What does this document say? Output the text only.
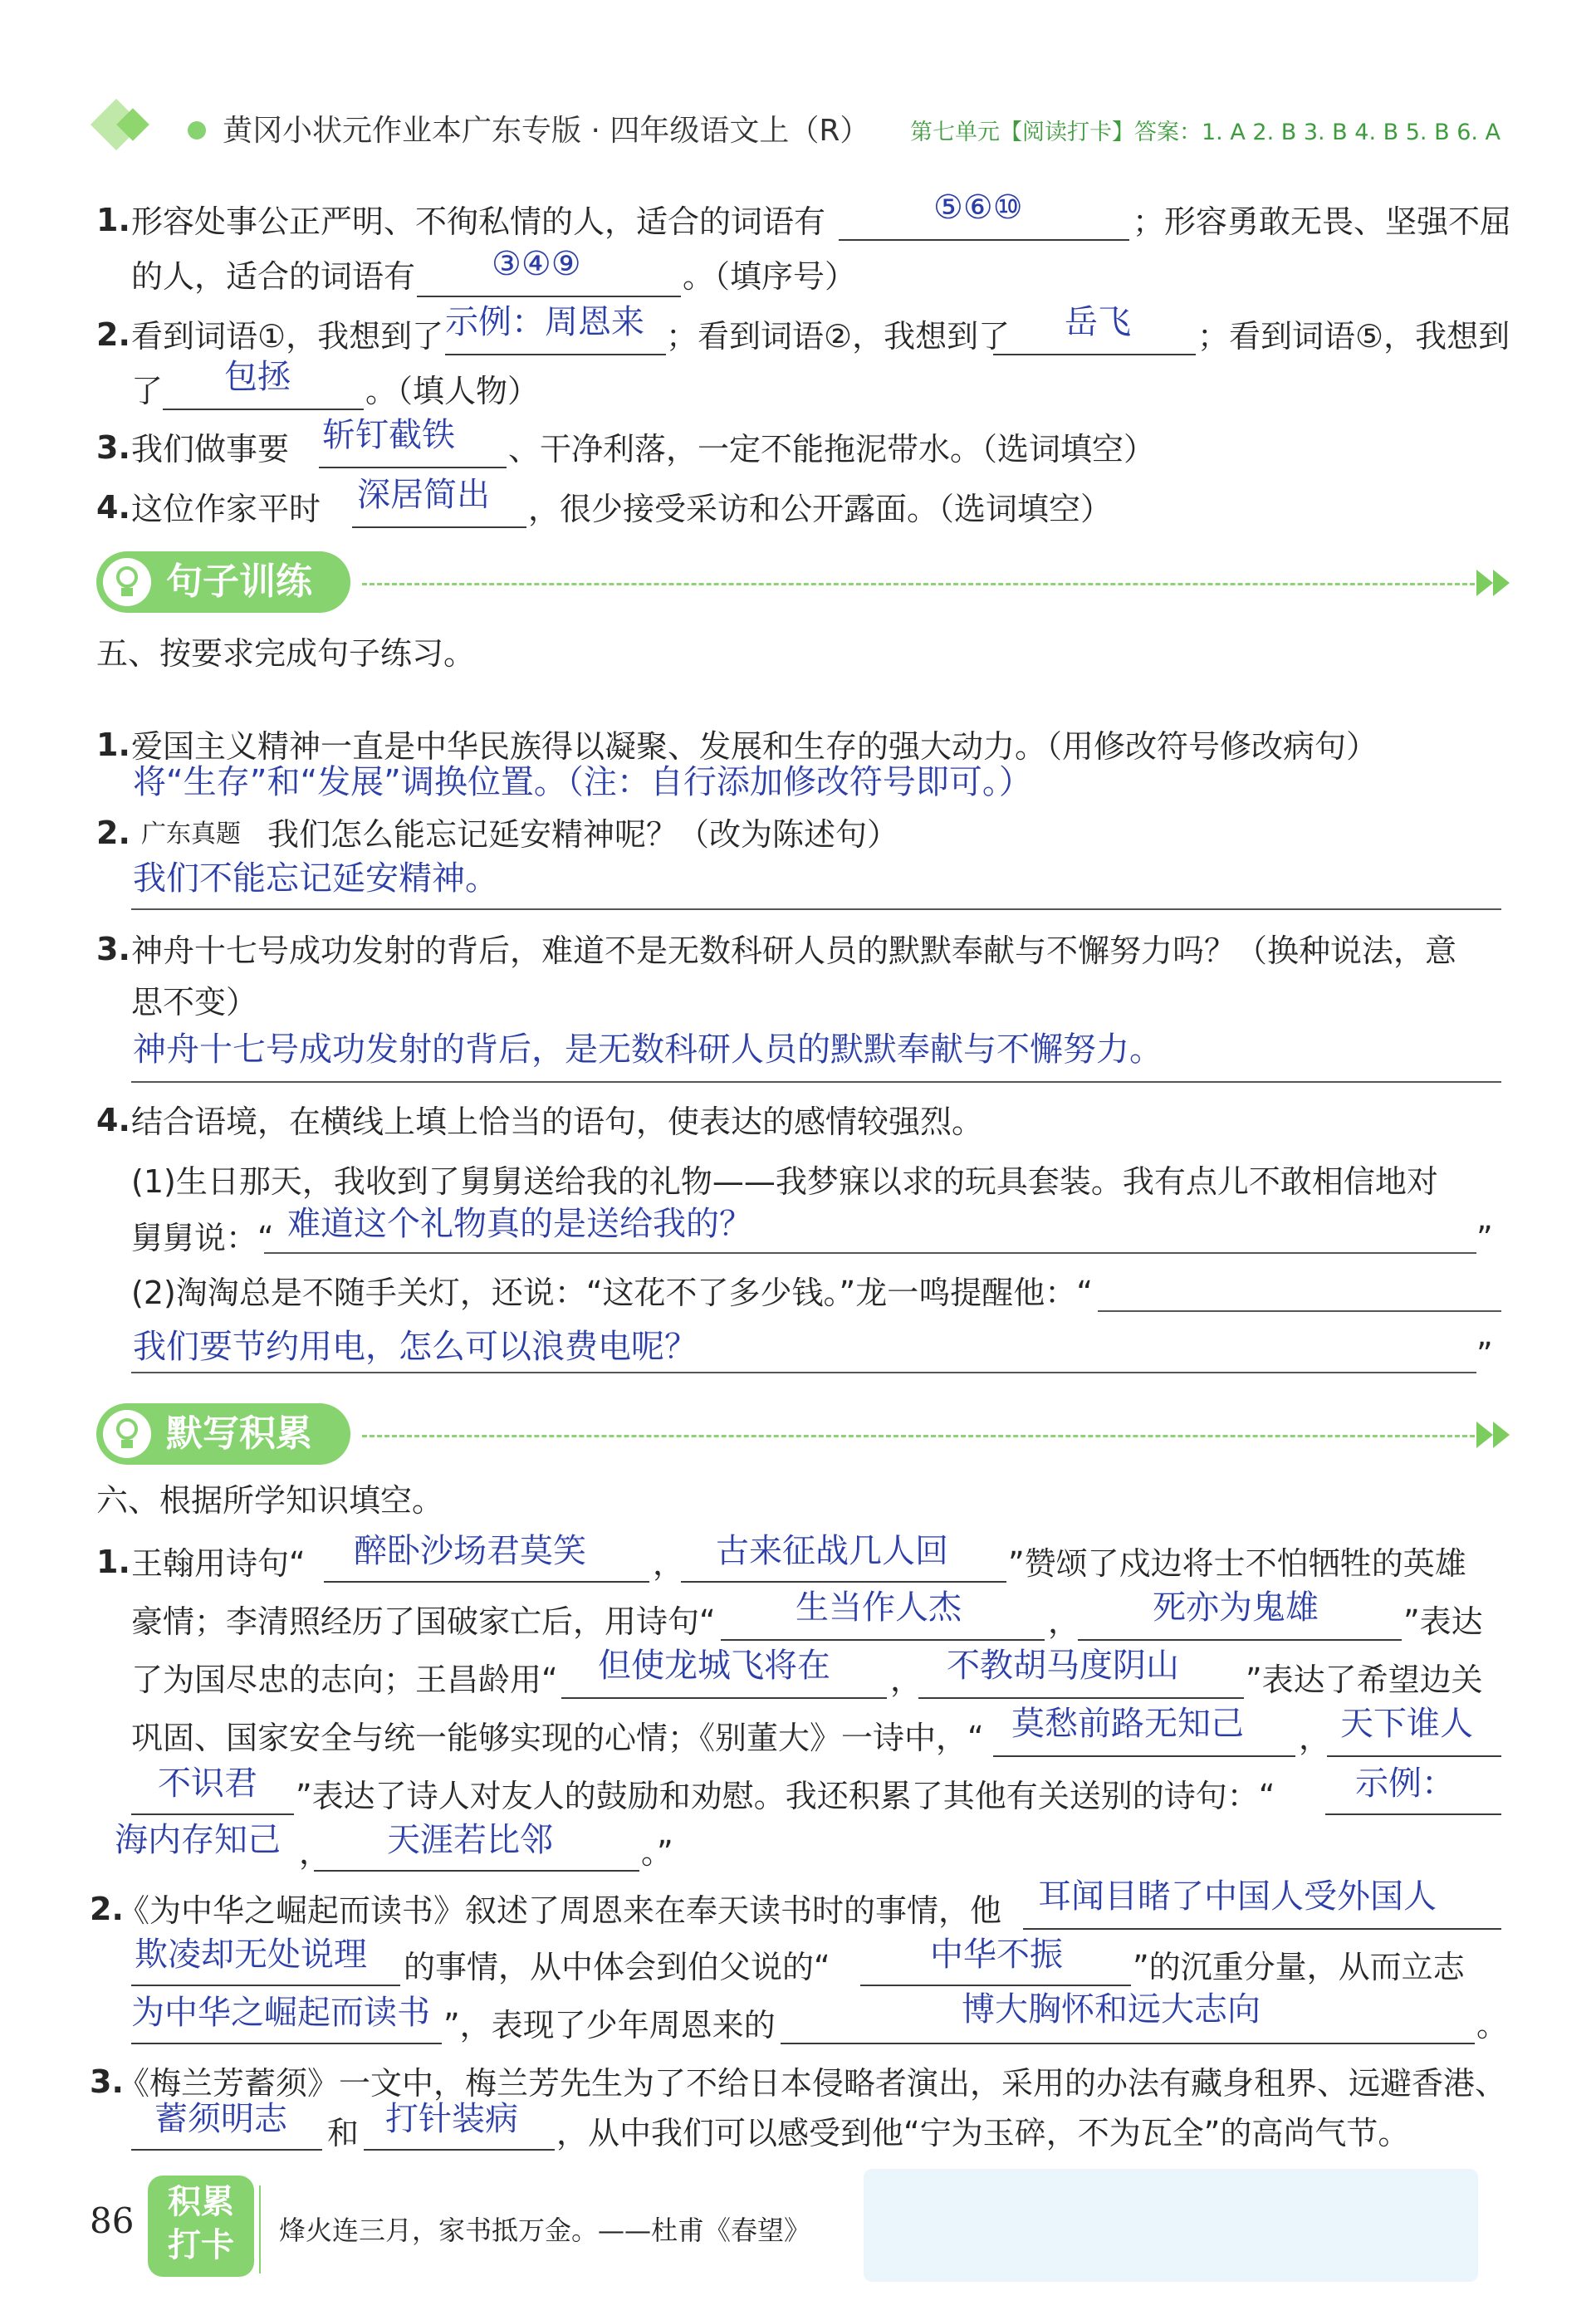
黄冈小状元作业本广东专版 · 四年级语文上（R） 第七单元【阅读打卡】答案：1. A 2. B 3. B 4. B 5. B 6. A
1. 形容处事公正严明、不徇私情的人，适合的词语有	⑤⑥⑩	；形容勇敢无畏、坚强不屈
的人，适合的词语有 ③④⑨	。（填序号）
2. 看到词语①，我想到了 示例：周恩来 ；看到词语②，我想到了 岳飞 ；看到词语⑤，我想到
了 包拯 。（填人物）
3. 我们做事要 斩钉截铁 、干净利落，一定不能拖泥带水。（选词填空）
4. 这位作家平时 深居简出 ，很少接受采访和公开露面。（选词填空）
句子训练
五、按要求完成句子练习。
1. 爱国主义精神一直是中华民族得以凝聚、发展和生存的强大动力。（用修改符号修改病句）
将“生存”和“发展”调换位置。（注：自行添加修改符号即可。）
2. 广东真题 我们怎么能忘记延安精神呢？（改为陈述句）
我们不能忘记延安精神。
3. 神舟十七号成功发射的背后，难道不是无数科研人员的默默奉献与不懈努力吗？（换种说法，意
思不变）
神舟十七号成功发射的背后，是无数科研人员的默默奉献与不懈努力。
4. 结合语境，在横线上填上恰当的语句，使表达的感情较强烈。
(1)生日那天，我收到了舅舅送给我的礼物——我梦寐以求的玩具套装。我有点儿不敢相信地对
舅舅说：“ 难道这个礼物真的是送给我的？	”
(2)淘淘总是不随手关灯，还说：“这花不了多少钱。”龙一鸣提醒他：“
我们要节约用电，怎么可以浪费电呢？	”
默写积累
六、根据所学知识填空。
1. 王翰用诗句“ 醉卧沙场君莫笑 ， 古来征战几人回 ”赞颂了戍边将士不怕牺牲的英雄
豪情；李清照经历了国破家亡后，用诗句“ 生当作人杰	， 死亦为鬼雄	”表达
了为国尽忠的志向；王昌龄用“ 但使龙城飞将在 ， 不教胡马度阴山 ”表达了希望边关
巩固、国家安全与统一能够实现的心情；《别董大》一诗中，“ 莫愁前路无知己 ， 天下谁人
不识君 ”表达了诗人对友人的鼓励和劝慰。我还积累了其他有关送别的诗句：“ 示例：
海内存知己 ， 天涯若比邻	。”
2.
《为中华之崛起而读书》叙述了周恩来在奉天读书时的事情，他 耳闻目睹了中国人受外国人
欺凌却无处说理 的事情，从中体会到伯父说的“	中华不振 ”的沉重分量，从而立志
为中华之崛起而读书 ”，表现了少年周恩来的	博大胸怀和远大志向	。
3.
《梅兰芳蓄须》一文中，梅兰芳先生为了不给日本侵略者演出，采用的办法有藏身租界、远避香港、
蓄须明志 和 打针装病 ，从中我们可以感受到他“宁为玉碎，不为瓦全”的高尚气节。
86 积累
打卡 烽火连三月，家书抵万金。——杜甫《春望》
